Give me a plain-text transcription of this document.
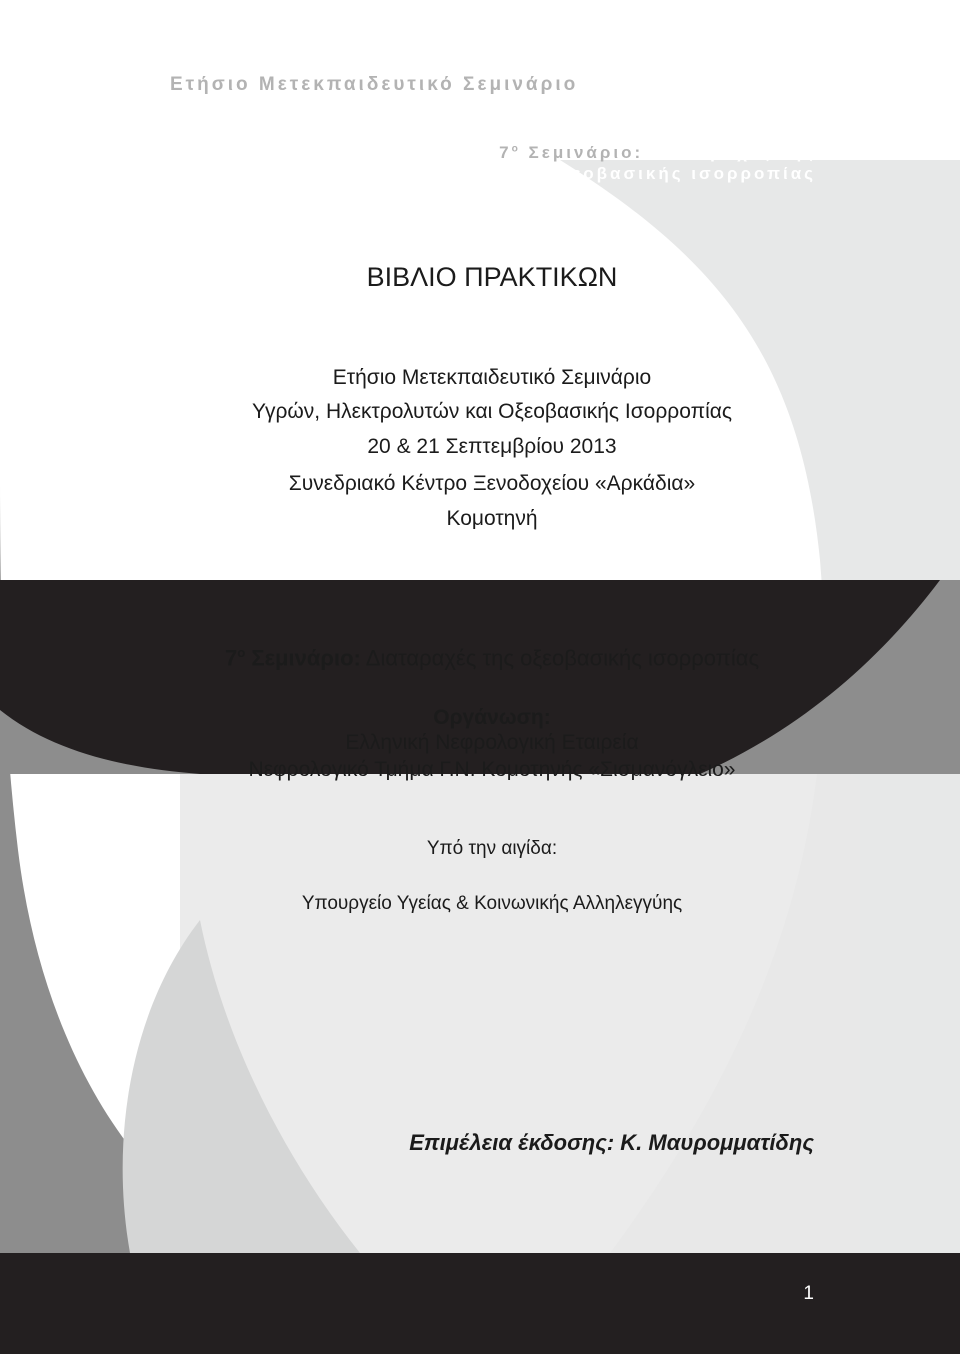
Ετήσιο Μετεκπαιδευτικό Σεμινάριο
Υγρών, Ηλεκτρολυτών & Οξεοβασικής Ισορροπίας
$7^o$ Σεμινάριο: Διαταραχές της
οξεοβασικής ισορροπίας
ΒΙΒΛΙΟ ΠΡΑΚΤΙΚΩΝ
Ετήσιο Μετεκπαιδευτικό Σεμινάριο
Υγρών, Ηλεκτρολυτών και Οξεοβασικής Ισορροπίας
20 & 21 Σεπτεμβρίου 2013
Συνεδριακό Κέντρο Ξενοδοχείου «Αρκάδια»
Κομοτηνή
$7^o$ Σεμινάριο: Διαταραχές της οξεοβασικής ισορροπίας
Οργάνωση:
Ελληνική Νεφρολογική Εταιρεία
Νεφρολογικό Τμήμα Γ.Ν. Κομοτηνής «Σισμανόγλειο»
Υπό την αιγίδα:
Υπουργείο Υγείας & Κοινωνικής Αλληλεγγύης
Επιμέλεια έκδοσης: Κ. Μαυρομματίδης
1
